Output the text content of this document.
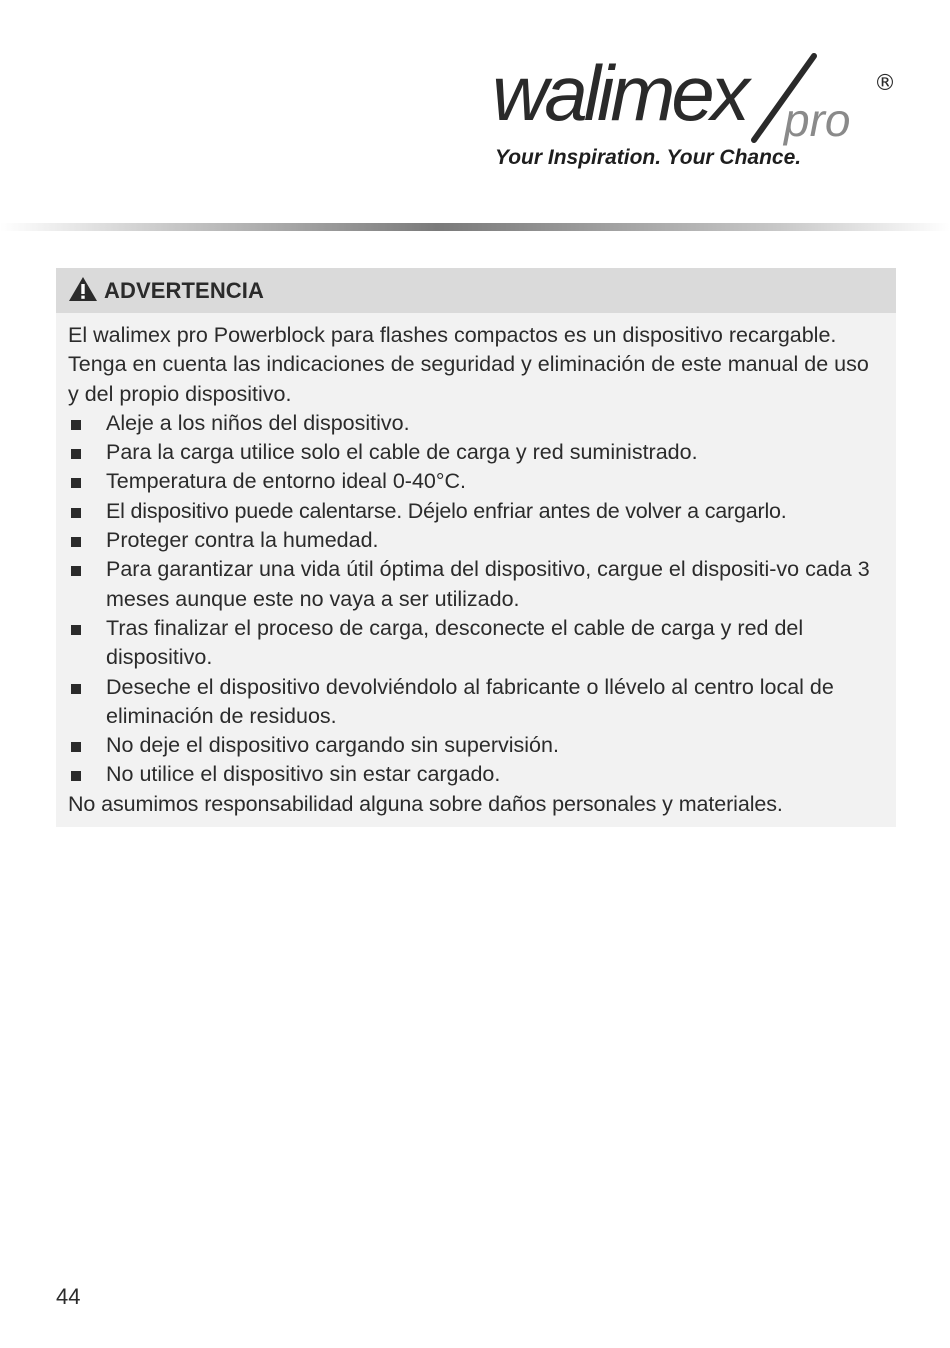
walimex pro
®
Your Inspiration. Your Chance.
ADVERTENCIA

El walimex pro Powerblock para flashes compactos es un dispositivo recargable. Tenga en cuenta las indicaciones de seguridad y eliminación de este manual de uso y del propio dispositivo.

Aleje a los niños del dispositivo.
Para la carga utilice solo el cable de carga y red suministrado.
Temperatura de entorno ideal 0-40°C.
El dispositivo puede calentarse. Déjelo enfriar antes de volver a cargarlo.
Proteger contra la humedad.
Para garantizar una vida útil óptima del dispositivo, cargue el dispositi-vo cada 3 meses aunque este no vaya a ser utilizado.
Tras finalizar el proceso de carga, desconecte el cable de carga y red del dispositivo.
Deseche el dispositivo devolviéndolo al fabricante o llévelo al centro local de eliminación de residuos.
No deje el dispositivo cargando sin supervisión.
No utilice el dispositivo sin estar cargado.

No asumimos responsabilidad alguna sobre daños personales y materiales.

44
